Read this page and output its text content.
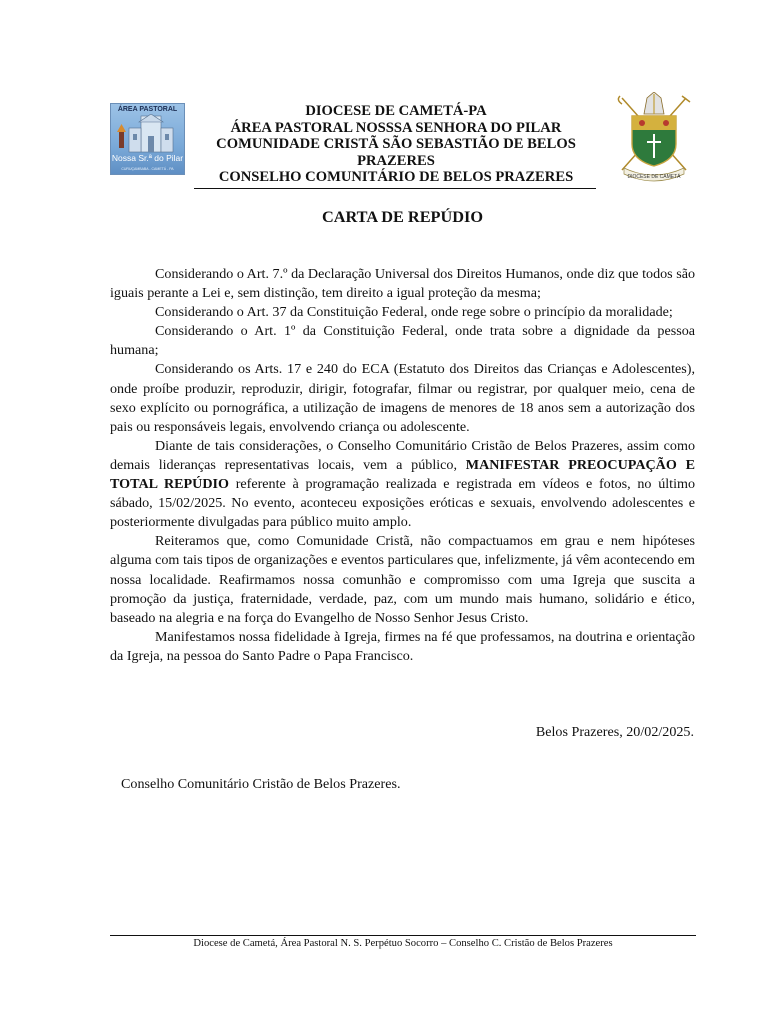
ÁREA PASTORAL
Nossa Sr.ª do Pilar
CURUÇAMBABA - CAMETÁ - PA
DIOCESE DE CAMETÁ-PA
ÁREA PASTORAL NOSSSA SENHORA DO PILAR
COMUNIDADE CRISTÃ SÃO SEBASTIÃO DE BELOS PRAZERES
CONSELHO COMUNITÁRIO DE BELOS PRAZERES	DIOCESE DE CAMETÁ
CARTA DE REPÚDIO

Considerando o Art. 7.º da Declaração Universal dos Direitos Humanos, onde diz que todos são iguais perante a Lei e, sem distinção, tem direito a igual proteção da mesma;

Considerando o Art. 37 da Constituição Federal, onde rege sobre o princípio da moralidade;

Considerando o Art. 1º da Constituição Federal, onde trata sobre a dignidade da pessoa humana;

Considerando os Arts. 17 e 240 do ECA (Estatuto dos Direitos das Crianças e Adolescentes), onde proíbe produzir, reproduzir, dirigir, fotografar, filmar ou registrar, por qualquer meio, cena de sexo explícito ou pornográfica, a utilização de imagens de menores de 18 anos sem a autorização dos pais ou responsáveis legais, envolvendo criança ou adolescente.

Diante de tais considerações, o Conselho Comunitário Cristão de Belos Prazeres, assim como demais lideranças representativas locais, vem a público, MANIFESTAR PREOCUPAÇÃO E TOTAL REPÚDIO referente à programação realizada e registrada em vídeos e fotos, no último sábado, 15/02/2025. No evento, aconteceu exposições eróticas e sexuais, envolvendo adolescentes e posteriormente divulgadas para público muito amplo.

Reiteramos que, como Comunidade Cristã, não compactuamos em grau e nem hipóteses alguma com tais tipos de organizações e eventos particulares que, infelizmente, já vêm acontecendo em nossa localidade. Reafirmamos nossa comunhão e compromisso com uma Igreja que suscita a promoção da justiça, fraternidade, verdade, paz, com um mundo mais humano, solidário e ético, baseado na alegria e na força do Evangelho de Nosso Senhor Jesus Cristo.

Manifestamos nossa fidelidade à Igreja, firmes na fé que professamos, na doutrina e orientação da Igreja, na pessoa do Santo Padre o Papa Francisco.

Belos Prazeres, 20/02/2025.
Conselho Comunitário Cristão de Belos Prazeres.
Diocese de Cametá, Área Pastoral N. S. Perpétuo Socorro – Conselho C. Cristão de Belos Prazeres
